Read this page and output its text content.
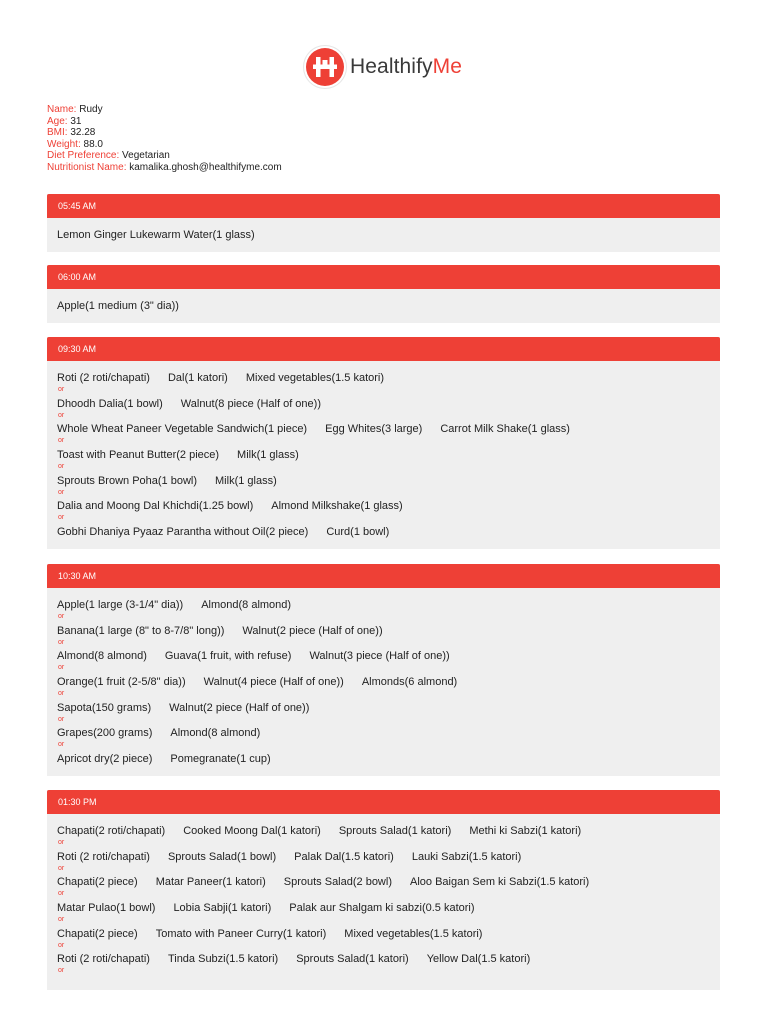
HealthifyMe
Name: Rudy
Age: 31
BMI: 32.28
Weight: 88.0
Diet Preference: Vegetarian
Nutritionist Name: kamalika.ghosh@healthifyme.com
05:45 AM
Lemon Ginger Lukewarm Water(1 glass)
06:00 AM
Apple(1 medium (3" dia))
09:30 AM
Roti (2 roti/chapati) Dal(1 katori) Mixed vegetables(1.5 katori)
or
Dhoodh Dalia(1 bowl) Walnut(8 piece (Half of one))
or
Whole Wheat Paneer Vegetable Sandwich(1 piece) Egg Whites(3 large) Carrot Milk Shake(1 glass)
or
Toast with Peanut Butter(2 piece) Milk(1 glass)
or
Sprouts Brown Poha(1 bowl) Milk(1 glass)
or
Dalia and Moong Dal Khichdi(1.25 bowl) Almond Milkshake(1 glass)
or
Gobhi Dhaniya Pyaaz Parantha without Oil(2 piece) Curd(1 bowl)
10:30 AM
Apple(1 large (3-1/4" dia)) Almond(8 almond)
or
Banana(1 large (8" to 8-7/8" long)) Walnut(2 piece (Half of one))
or
Almond(8 almond) Guava(1 fruit, with refuse) Walnut(3 piece (Half of one))
or
Orange(1 fruit (2-5/8" dia)) Walnut(4 piece (Half of one)) Almonds(6 almond)
or
Sapota(150 grams) Walnut(2 piece (Half of one))
or
Grapes(200 grams) Almond(8 almond)
or
Apricot dry(2 piece) Pomegranate(1 cup)
01:30 PM
Chapati(2 roti/chapati) Cooked Moong Dal(1 katori) Sprouts Salad(1 katori) Methi ki Sabzi(1 katori)
or
Roti (2 roti/chapati) Sprouts Salad(1 bowl) Palak Dal(1.5 katori) Lauki Sabzi(1.5 katori)
or
Chapati(2 piece) Matar Paneer(1 katori) Sprouts Salad(2 bowl) Aloo Baigan Sem ki Sabzi(1.5 katori)
or
Matar Pulao(1 bowl) Lobia Sabji(1 katori) Palak aur Shalgam ki sabzi(0.5 katori)
or
Chapati(2 piece) Tomato with Paneer Curry(1 katori) Mixed vegetables(1.5 katori)
or
Roti (2 roti/chapati) Tinda Subzi(1.5 katori) Sprouts Salad(1 katori) Yellow Dal(1.5 katori)
or
